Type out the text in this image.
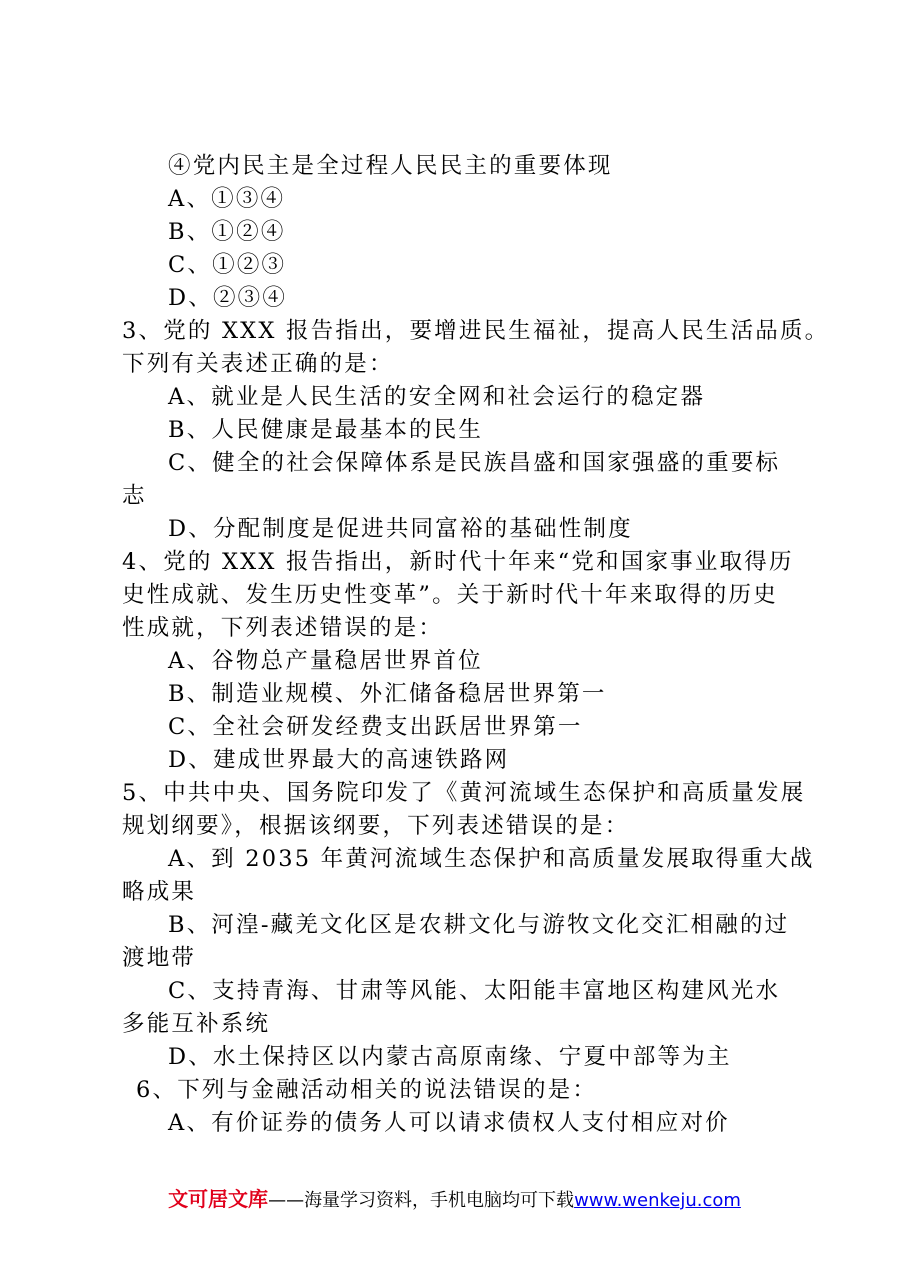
④党内民主是全过程人民民主的重要体现
A、①③④
B、①②④
C、①②③
D、②③④
3、党的 XXX 报告指出，要增进民生福祉，提高人民生活品质。
下列有关表述正确的是：
A、就业是人民生活的安全网和社会运行的稳定器
B、人民健康是最基本的民生
C、健全的社会保障体系是民族昌盛和国家强盛的重要标
志
D、分配制度是促进共同富裕的基础性制度
4、党的 XXX 报告指出，新时代十年来“党和国家事业取得历
史性成就、发生历史性变革”。关于新时代十年来取得的历史
性成就，下列表述错误的是：
A、谷物总产量稳居世界首位
B、制造业规模、外汇储备稳居世界第一
C、全社会研发经费支出跃居世界第一
D、建成世界最大的高速铁路网
5、中共中央、国务院印发了《黄河流域生态保护和高质量发展
规划纲要》，根据该纲要，下列表述错误的是：
A、到 2035 年黄河流域生态保护和高质量发展取得重大战
略成果
B、河湟-藏羌文化区是农耕文化与游牧文化交汇相融的过
渡地带
C、支持青海、甘肃等风能、太阳能丰富地区构建风光水
多能互补系统
D、水土保持区以内蒙古高原南缘、宁夏中部等为主
6、下列与金融活动相关的说法错误的是：
A、有价证券的债务人可以请求债权人支付相应对价
文可居文库——海量学习资料，手机电脑均可下载www.wenkeju.com
